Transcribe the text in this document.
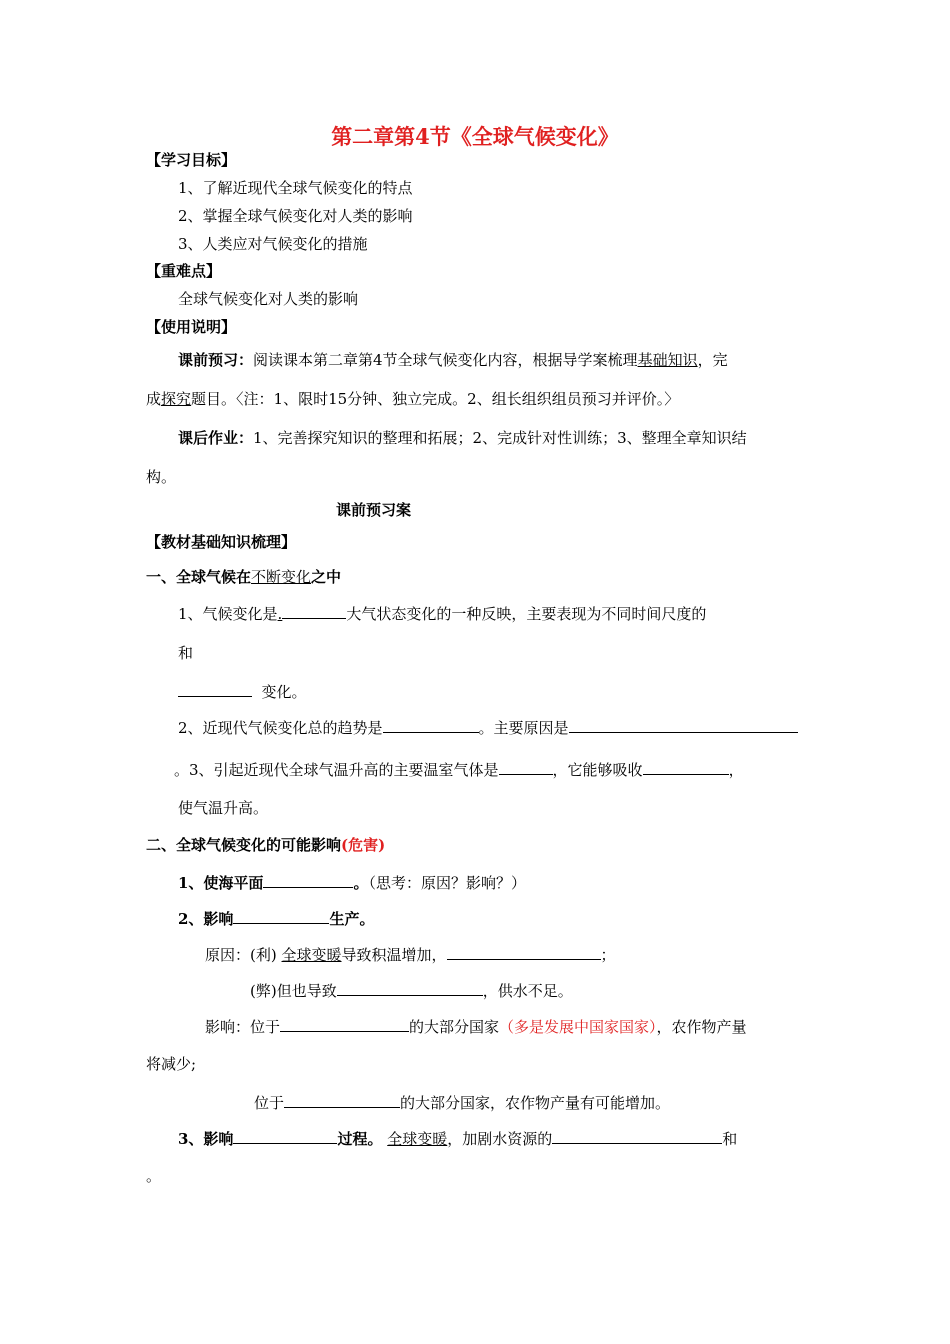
第二章第4节《全球气候变化》
【学习目标】
1、了解近现代全球气候变化的特点
2、掌握全球气候变化对人类的影响
3、人类应对气候变化的措施
【重难点】
全球气候变化对人类的影响
【使用说明】
课前预习：阅读课本第二章第4节全球气候变化内容，根据导学案梳理基础知识，完
成探究题目。〈注：1、限时15分钟、独立完成。2、组长组织组员预习并评价。〉
课后作业：1、完善探究知识的整理和拓展；2、完成针对性训练；3、整理全章知识结
构。
课前预习案
【教材基础知识梳理】
一、全球气候在不断变化之中
1、气候变化是.	大气状态变化的一种反映，主要表现为不同时间尺度的
和
变化。
2、近现代气候变化总的趋势是	。主要原因是
。3、引起近现代全球气温升高的主要温室气体是	，它能够吸收	，
使气温升高。
二、全球气候变化的可能影响(危害)
1、使海平面	。（思考：原因？影响？）
2、影响	生产。
原因：(利) 全球变暖导致积温增加，	；
(弊)但也导致	，供水不足。
影响：位于	的大部分国家（多是发展中国家国家），农作物产量
将减少;
位于	的大部分国家，农作物产量有可能增加。
3、影响	过程。 全球变暖，加剧水资源的	和
。
